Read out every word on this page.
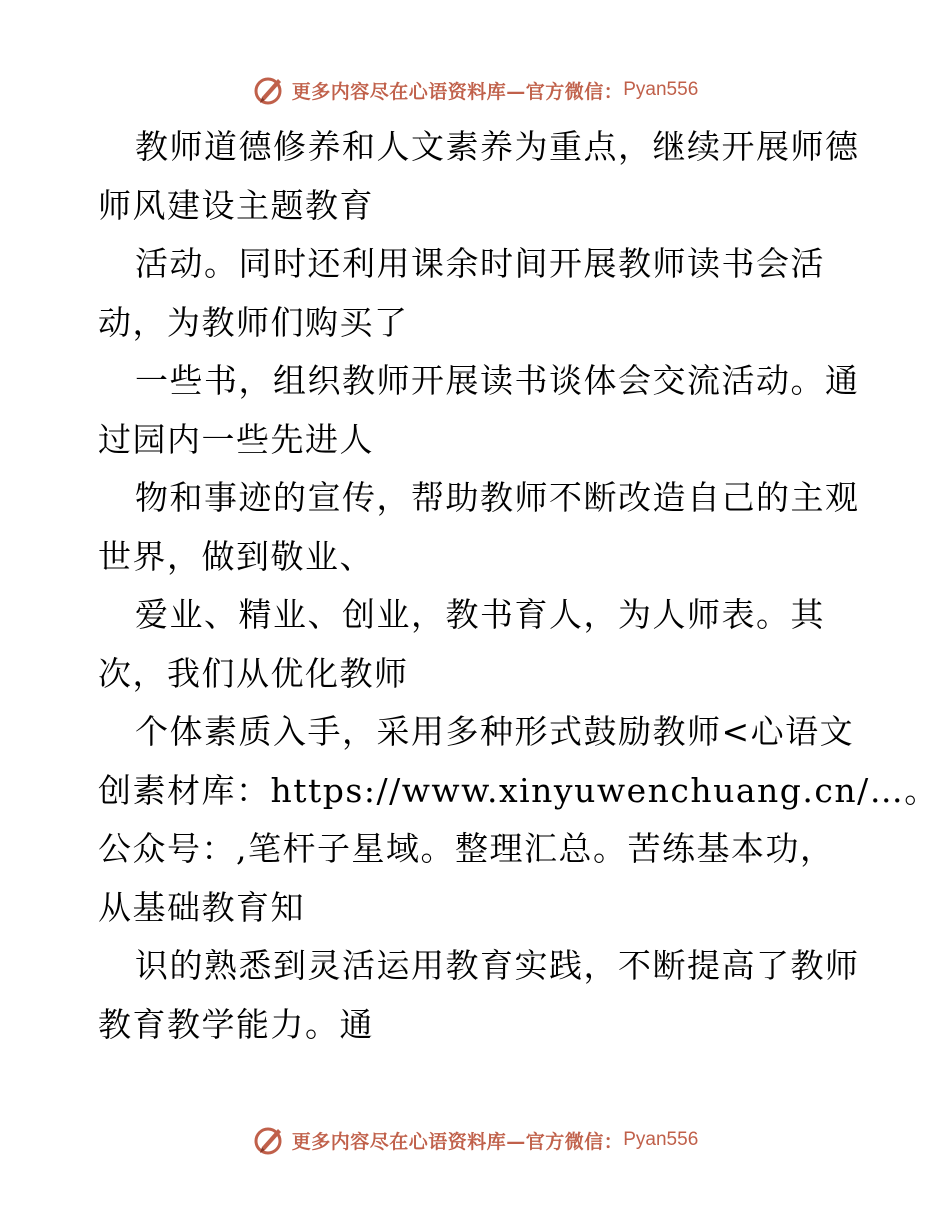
更多内容尽在心语资料库—官方微信： Pyan556
教师道德修养和人文素养为重点，继续开展师德
师风建设主题教育
活动。同时还利用课余时间开展教师读书会活
动，为教师们购买了
一些书，组织教师开展读书谈体会交流活动。通
过园内一些先进人
物和事迹的宣传，帮助教师不断改造自己的主观
世界，做到敬业、
爱业、精业、创业，教书育人，为人师表。其
次，我们从优化教师
个体素质入手，采用多种形式鼓励教师<心语文
创素材库：https://www.xinyuwenchuang.cn/…。
公众号：,笔杆子星域。整理汇总。苦练基本功，
从基础教育知
识的熟悉到灵活运用教育实践，不断提高了教师
教育教学能力。通
更多内容尽在心语资料库—官方微信： Pyan556
